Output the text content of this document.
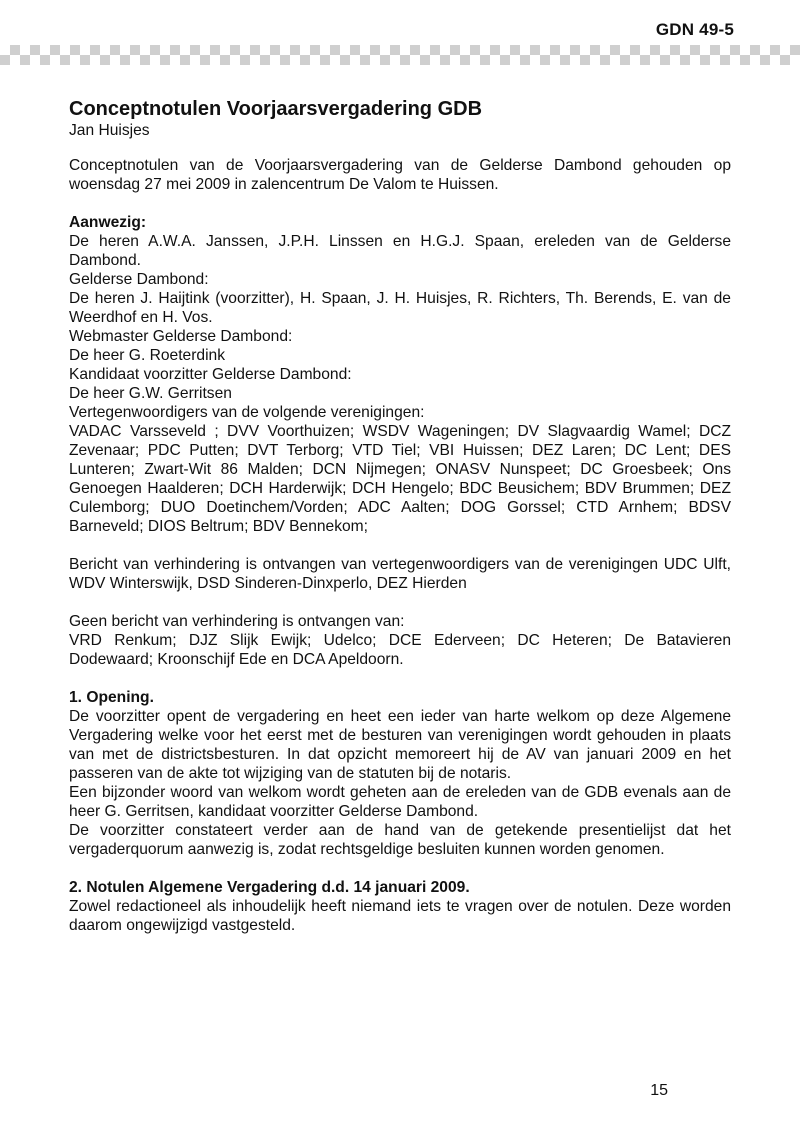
GDN 49-5
Conceptnotulen Voorjaarsvergadering GDB
Jan Huisjes

Conceptnotulen van de Voorjaarsvergadering van de Gelderse Dambond gehouden op woensdag 27 mei 2009 in zalencentrum De Valom te Huissen.

Aanwezig:
De heren A.W.A. Janssen, J.P.H. Linssen en H.G.J. Spaan, ereleden van de Gelderse Dambond.
Gelderse Dambond:
De heren J. Haijtink (voorzitter), H. Spaan, J. H. Huisjes, R. Richters, Th. Berends, E. van de Weerdhof en H. Vos.
Webmaster Gelderse Dambond:
De heer G. Roeterdink
Kandidaat voorzitter Gelderse Dambond:
De heer G.W. Gerritsen
Vertegenwoordigers van de volgende verenigingen:
VADAC Varsseveld ; DVV Voorthuizen; WSDV Wageningen; DV Slagvaardig Wamel; DCZ Zevenaar; PDC Putten; DVT Terborg; VTD Tiel; VBI Huissen; DEZ Laren; DC Lent; DES Lunteren; Zwart-Wit 86 Malden; DCN Nijmegen; ONASV Nunspeet; DC Groesbeek; Ons Genoegen Haalderen; DCH Harderwijk; DCH Hengelo; BDC Beusichem; BDV Brummen; DEZ Culemborg; DUO Doetinchem/Vorden; ADC Aalten; DOG Gorssel; CTD Arnhem; BDSV Barneveld; DIOS Beltrum; BDV Bennekom;

Bericht van verhindering is ontvangen van vertegenwoordigers van de verenigingen UDC Ulft, WDV Winterswijk, DSD Sinderen-Dinxperlo, DEZ Hierden

Geen bericht van verhindering is ontvangen van:

VRD Renkum; DJZ Slijk Ewijk; Udelco; DCE Ederveen; DC Heteren; De Batavieren Dodewaard; Kroonschijf Ede en DCA Apeldoorn.

1. Opening.
De voorzitter opent de vergadering en heet een ieder van harte welkom op deze Algemene Vergadering welke voor het eerst met de besturen van verenigingen wordt gehouden in plaats van met de districtsbesturen. In dat opzicht memoreert hij de AV van januari 2009 en het passeren van de akte tot wijziging van de statuten bij de notaris.
Een bijzonder woord van welkom wordt geheten aan de ereleden van de GDB evenals aan de heer G. Gerritsen, kandidaat voorzitter Gelderse Dambond.
De voorzitter constateert verder aan de hand van de getekende presentielijst dat het vergaderquorum aanwezig is, zodat rechtsgeldige besluiten kunnen worden genomen.
2. Notulen Algemene Vergadering d.d. 14 januari 2009.
Zowel redactioneel als inhoudelijk heeft niemand iets te vragen over de notulen. Deze worden daarom ongewijzigd vastgesteld.
15
